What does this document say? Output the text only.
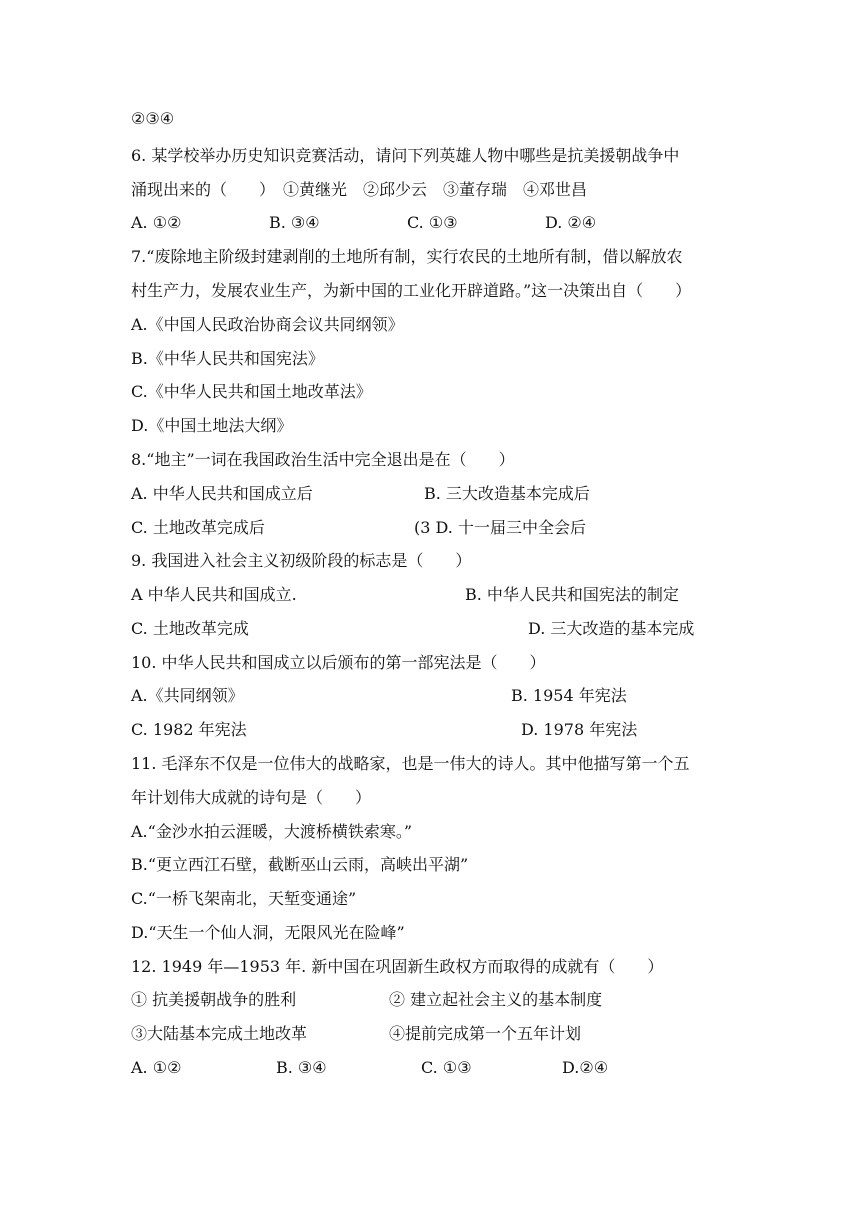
②③④
6. 某学校举办历史知识竞赛活动，请问下列英雄人物中哪些是抗美援朝战争中
涌现出来的（　　）　①黄继光　②邱少云　③董存瑞　④邓世昌
A. ①②	B. ③④	C. ①③	D. ②④
7.“废除地主阶级封建剥削的土地所有制，实行农民的土地所有制，借以解放农
村生产力，发展农业生产，为新中国的工业化开辟道路。”这一决策出自（　　）
A.《中国人民政治协商会议共同纲领》
B.《中华人民共和国宪法》
C.《中华人民共和国土地改革法》
D.《中国土地法大纲》
8.“地主”一词在我国政治生活中完全退出是在（　　）
A. 中华人民共和国成立后	B. 三大改造基本完成后
C. 土地改革完成后	(3 D. 十一届三中全会后
9. 我国进入社会主义初级阶段的标志是（　　）
A 中华人民共和国成立.	B. 中华人民共和国宪法的制定
C. 土地改革完成	D. 三大改造的基本完成
10. 中华人民共和国成立以后颁布的第一部宪法是（　　）
A.《共同纲领》	B. 1954 年宪法
C. 1982 年宪法	D. 1978 年宪法
11. 毛泽东不仅是一位伟大的战略家，也是一伟大的诗人。其中他描写第一个五
年计划伟大成就的诗句是（　　）
A.“金沙水拍云涯暖，大渡桥横铁索寒。”
B.“更立西江石壁，截断巫山云雨，高峡出平湖”
C.“一桥飞架南北，天堑变通途”
D.“天生一个仙人洞，无限风光在险峰”
12. 1949 年—1953 年. 新中国在巩固新生政权方而取得的成就有（　　）
① 抗美援朝战争的胜利	② 建立起社会主义的基本制度
③大陆基本完成土地改革	④提前完成第一个五年计划
A. ①②	B. ③④	C. ①③	D.②④
